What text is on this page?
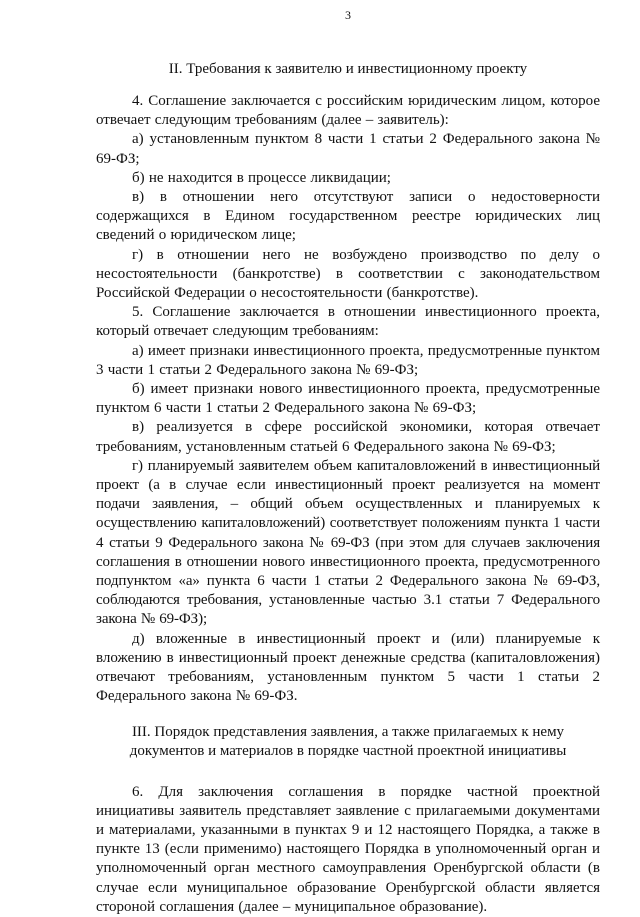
3
II. Требования к заявителю и инвестиционному проекту

4. Соглашение заключается с российским юридическим лицом, которое отвечает следующим требованиям (далее – заявитель):

а) установленным пунктом 8 части 1 статьи 2 Федерального закона № 69-ФЗ;

б) не находится в процессе ликвидации;

в) в отношении него отсутствуют записи о недостоверности содержащихся в Едином государственном реестре юридических лиц сведений о юридическом лице;

г) в отношении него не возбуждено производство по делу о несостоятельности (банкротстве) в соответствии с законодательством Российской Федерации о несостоятельности (банкротстве).

5. Соглашение заключается в отношении инвестиционного проекта, который отвечает следующим требованиям:

а) имеет признаки инвестиционного проекта, предусмотренные пунктом 3 части 1 статьи 2 Федерального закона № 69-ФЗ;

б) имеет признаки нового инвестиционного проекта, предусмотренные пунктом 6 части 1 статьи 2 Федерального закона № 69-ФЗ;

в) реализуется в сфере российской экономики, которая отвечает требованиям, установленным статьей 6 Федерального закона № 69-ФЗ;

г) планируемый заявителем объем капиталовложений в инвестиционный проект (а в случае если инвестиционный проект реализуется на момент подачи заявления, – общий объем осуществленных и планируемых к осуществлению капиталовложений) соответствует положениям пункта 1 части 4 статьи 9 Федерального закона № 69-ФЗ (при этом для случаев заключения соглашения в отношении нового инвестиционного проекта, предусмотренного подпунктом «а» пункта 6 части 1 статьи 2 Федерального закона № 69-ФЗ, соблюдаются требования, установленные частью 3.1 статьи 7 Федерального закона № 69-ФЗ);

д) вложенные в инвестиционный проект и (или) планируемые к вложению в инвестиционный проект денежные средства (капиталовложения) отвечают требованиям, установленным пунктом 5 части 1 статьи 2 Федерального закона № 69-ФЗ.

III. Порядок представления заявления, а также прилагаемых к нему
документов и материалов в порядке частной проектной инициативы

6. Для заключения соглашения в порядке частной проектной инициативы заявитель представляет заявление с прилагаемыми документами и материалами, указанными в пунктах 9 и 12 настоящего Порядка, а также в пункте 13 (если применимо) настоящего Порядка в уполномоченный орган и уполномоченный орган местного самоуправления Оренбургской области (в случае если муниципальное образование Оренбургской области является стороной соглашения (далее – муниципальное образование).
